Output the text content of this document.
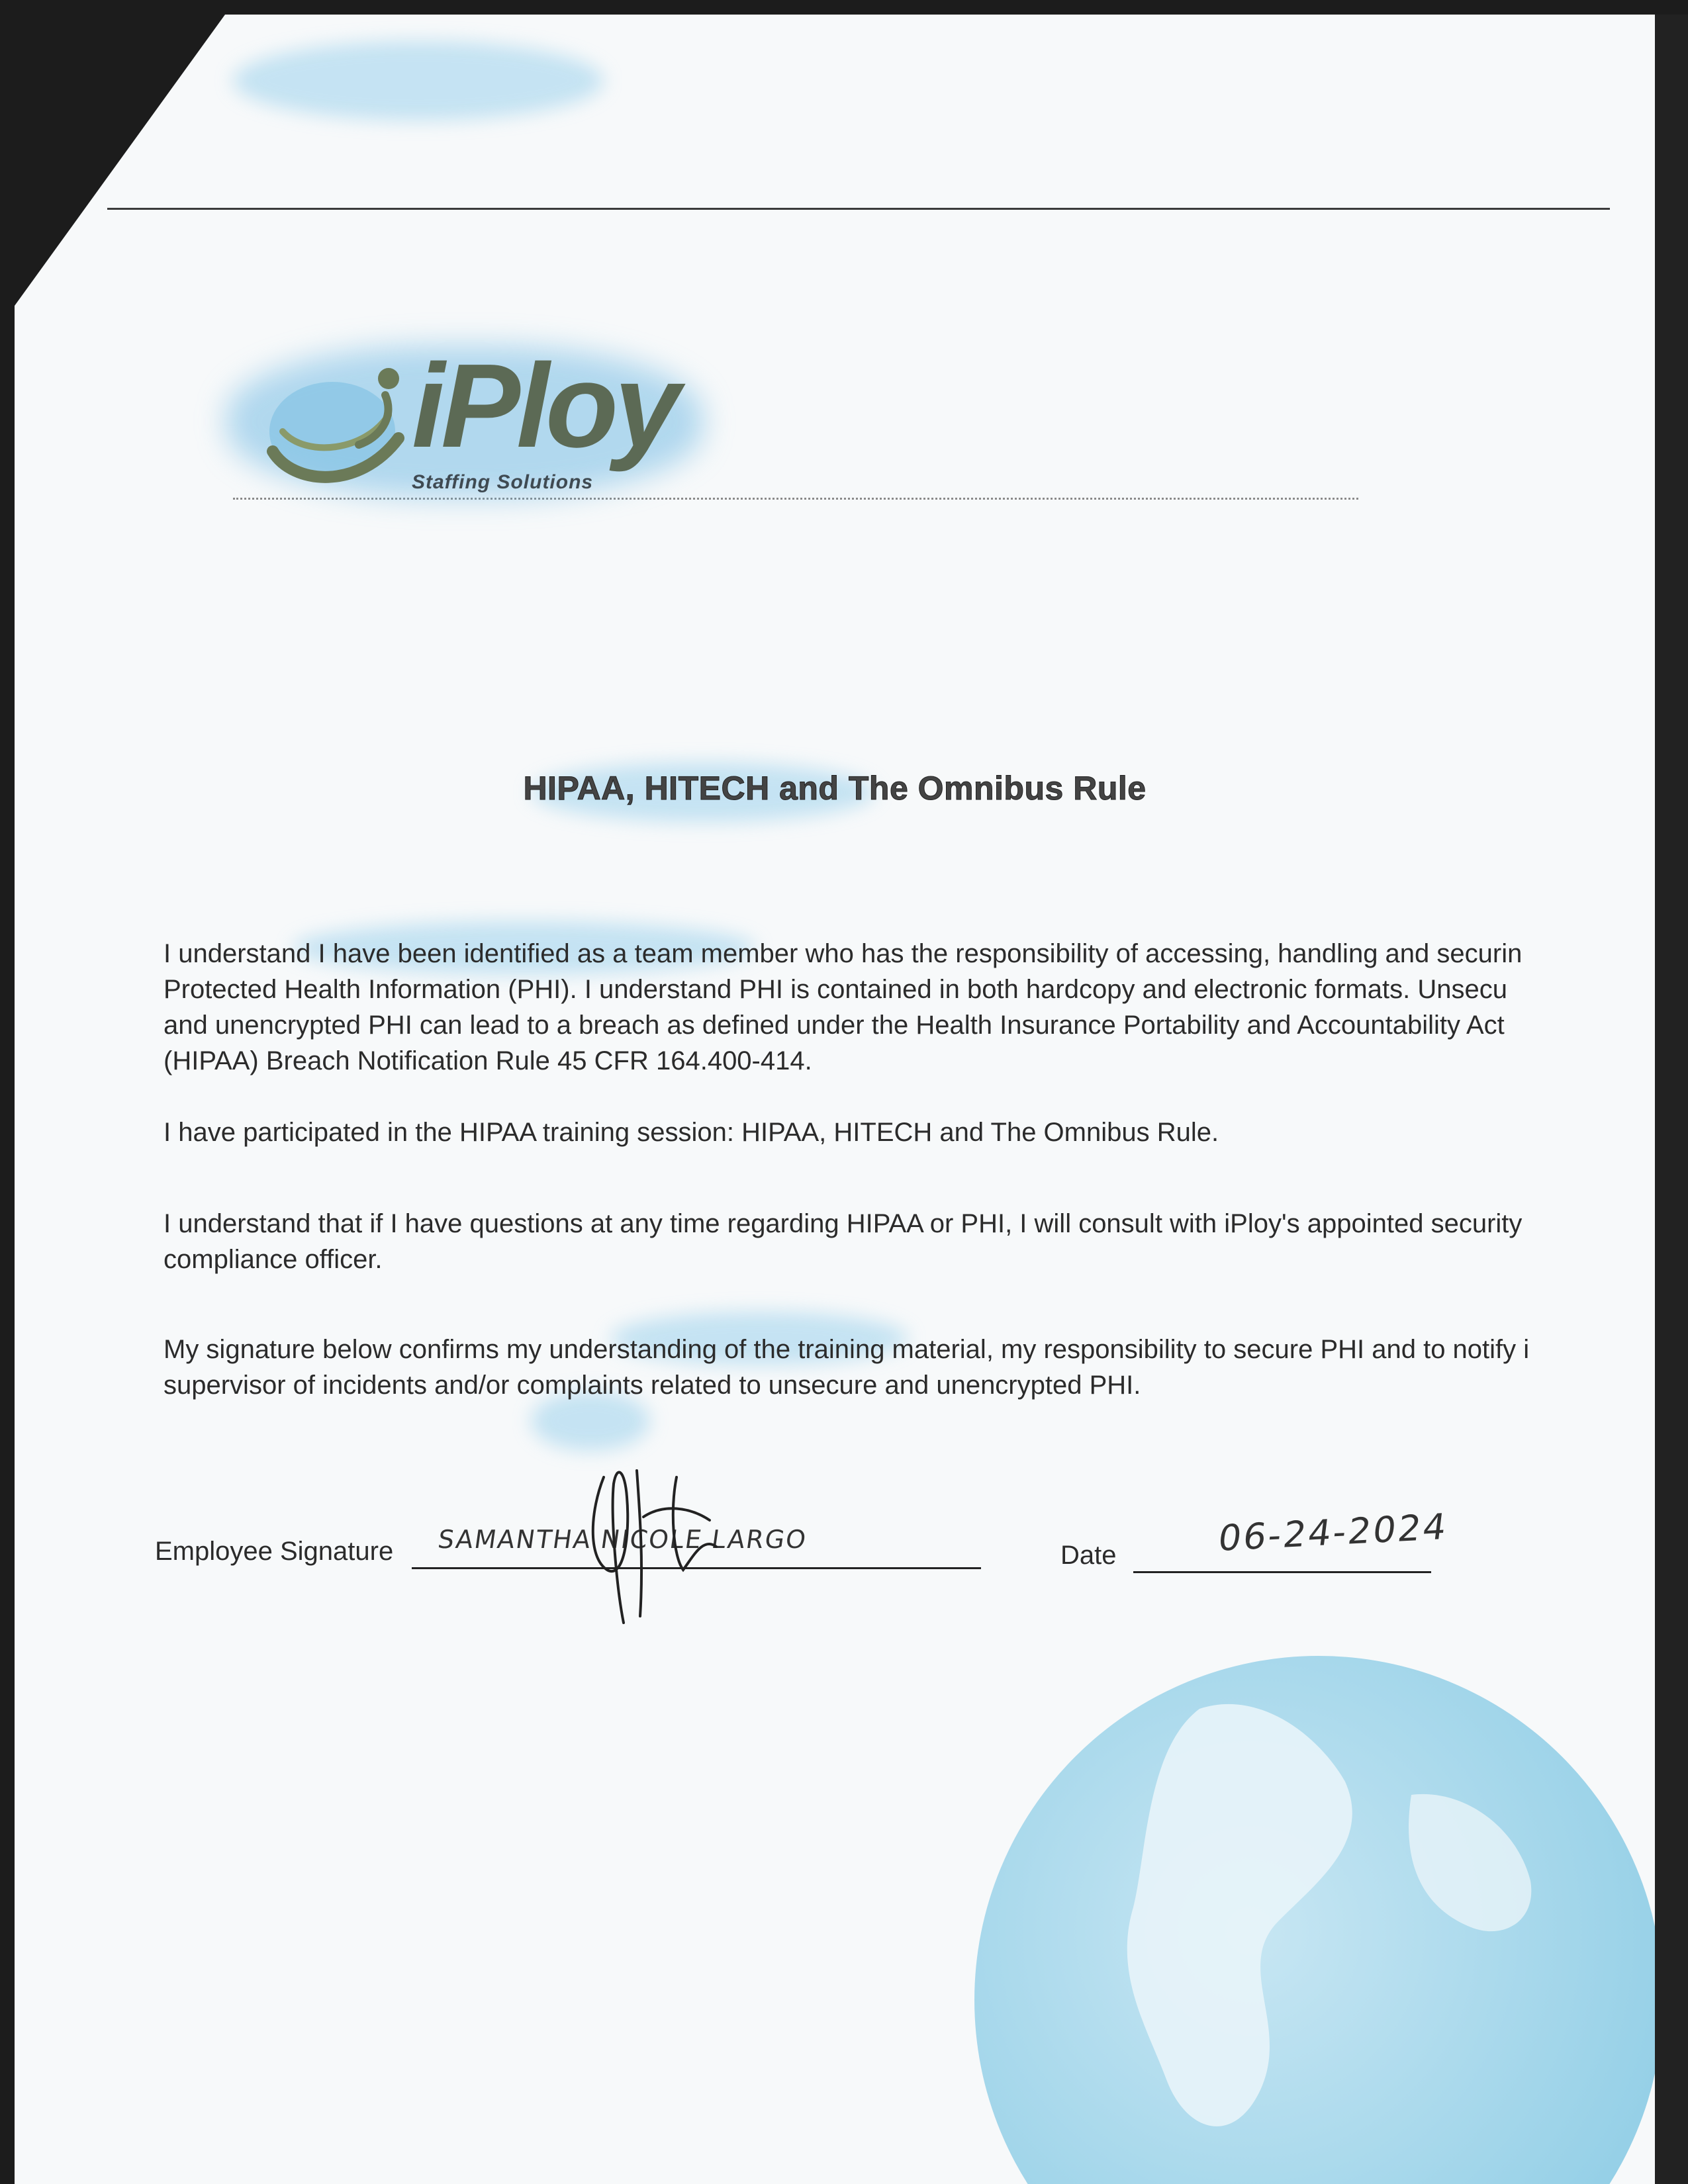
iPloy
Staffing Solutions
HIPAA, HITECH and The Omnibus Rule
I understand I have been identified as a team member who has the responsibility of accessing, handling and securin
Protected Health Information (PHI). I understand PHI is contained in both hardcopy and electronic formats. Unsecu
and unencrypted PHI can lead to a breach as defined under the Health Insurance Portability and Accountability Act
(HIPAA) Breach Notification Rule 45 CFR 164.400-414.
I have participated in the HIPAA training session: HIPAA, HITECH and The Omnibus Rule.
I understand that if I have questions at any time regarding HIPAA or PHI, I will consult with iPloy's appointed security
compliance officer.
My signature below confirms my understanding of the training material, my responsibility to secure PHI and to notify i
supervisor of incidents and/or complaints related to unsecure and unencrypted PHI.
Employee Signature SAMANTHA NICOLE LARGO
Date	06-24-2024
